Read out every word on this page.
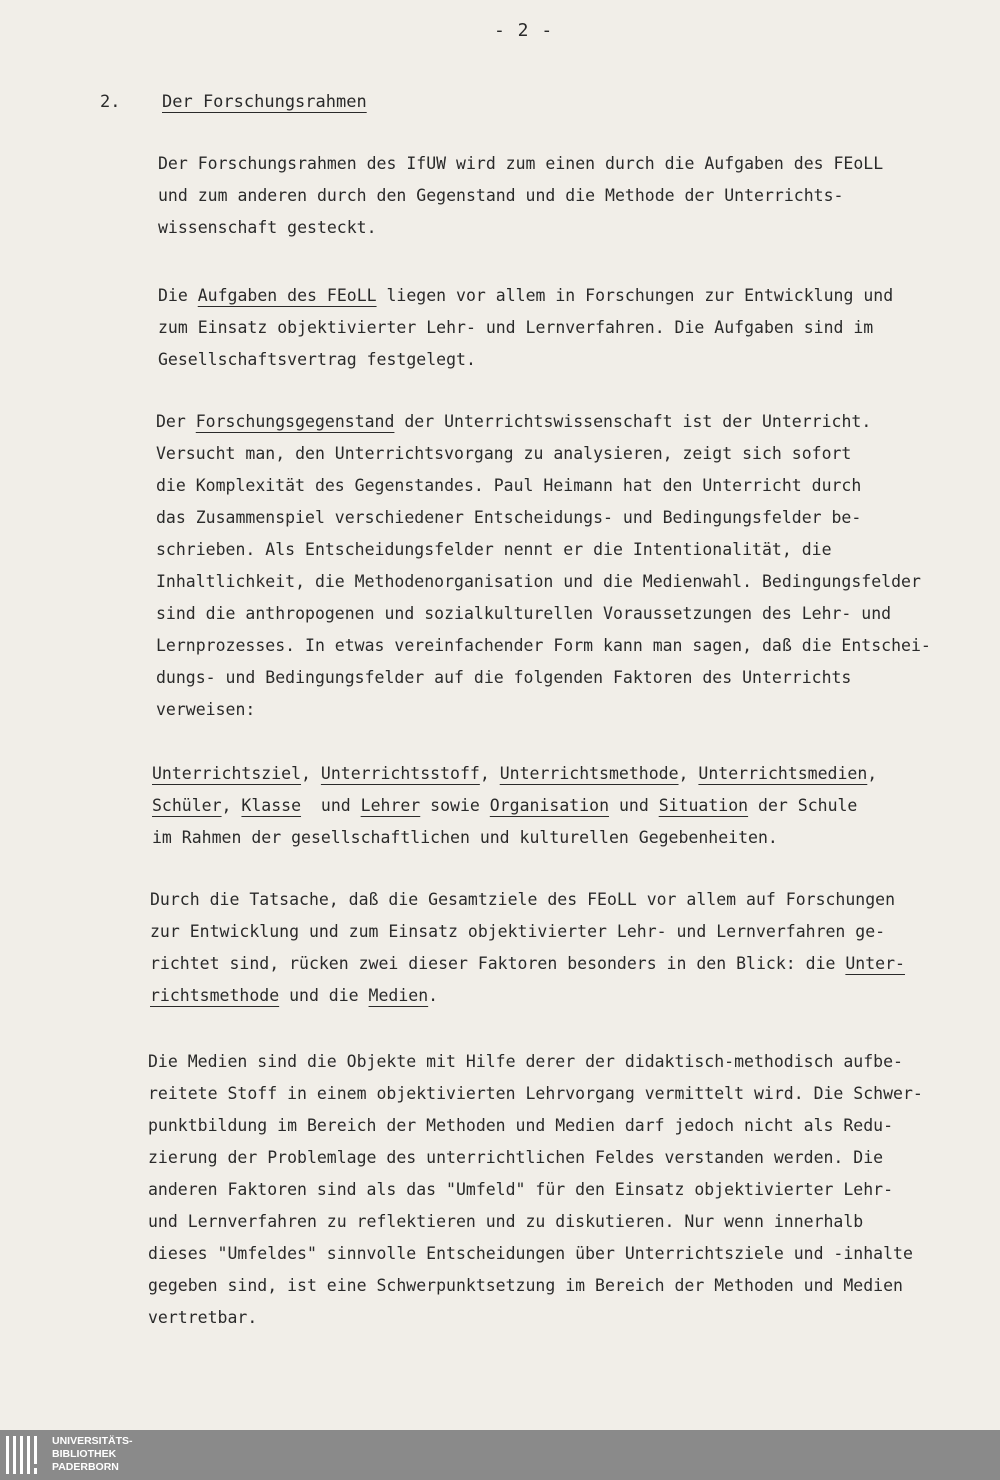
- 2 -
2. Der Forschungsrahmen
Der Forschungsrahmen des IfUW wird zum einen durch die Aufgaben des FEoLL
und zum anderen durch den Gegenstand und die Methode der Unterrichts-
wissenschaft gesteckt.
Die Aufgaben des FEoLL liegen vor allem in Forschungen zur Entwicklung und
zum Einsatz objektivierter Lehr- und Lernverfahren. Die Aufgaben sind im
Gesellschaftsvertrag festgelegt.
Der Forschungsgegenstand der Unterrichtswissenschaft ist der Unterricht.
Versucht man, den Unterrichtsvorgang zu analysieren, zeigt sich sofort
die Komplexität des Gegenstandes. Paul Heimann hat den Unterricht durch
das Zusammenspiel verschiedener Entscheidungs- und Bedingungsfelder be-
schrieben. Als Entscheidungsfelder nennt er die Intentionalität, die
Inhaltlichkeit, die Methodenorganisation und die Medienwahl. Bedingungsfelder
sind die anthropogenen und sozialkulturellen Voraussetzungen des Lehr- und
Lernprozesses. In etwas vereinfachender Form kann man sagen, daß die Entschei-
dungs- und Bedingungsfelder auf die folgenden Faktoren des Unterrichts
verweisen:
Unterrichtsziel, Unterrichtsstoff, Unterrichtsmethode, Unterrichtsmedien,
Schüler, Klasse  und Lehrer sowie Organisation und Situation der Schule
im Rahmen der gesellschaftlichen und kulturellen Gegebenheiten.
Durch die Tatsache, daß die Gesamtziele des FEoLL vor allem auf Forschungen
zur Entwicklung und zum Einsatz objektivierter Lehr- und Lernverfahren ge-
richtet sind, rücken zwei dieser Faktoren besonders in den Blick: die Unter-
richtsmethode und die Medien.
Die Medien sind die Objekte mit Hilfe derer der didaktisch-methodisch aufbe-
reitete Stoff in einem objektivierten Lehrvorgang vermittelt wird. Die Schwer-
punktbildung im Bereich der Methoden und Medien darf jedoch nicht als Redu-
zierung der Problemlage des unterrichtlichen Feldes verstanden werden. Die
anderen Faktoren sind als das "Umfeld" für den Einsatz objektivierter Lehr-
und Lernverfahren zu reflektieren und zu diskutieren. Nur wenn innerhalb
dieses "Umfeldes" sinnvolle Entscheidungen über Unterrichtsziele und -inhalte
gegeben sind, ist eine Schwerpunktsetzung im Bereich der Methoden und Medien
vertretbar.
UNIVERSITÄTS-
BIBLIOTHEK
PADERBORN
